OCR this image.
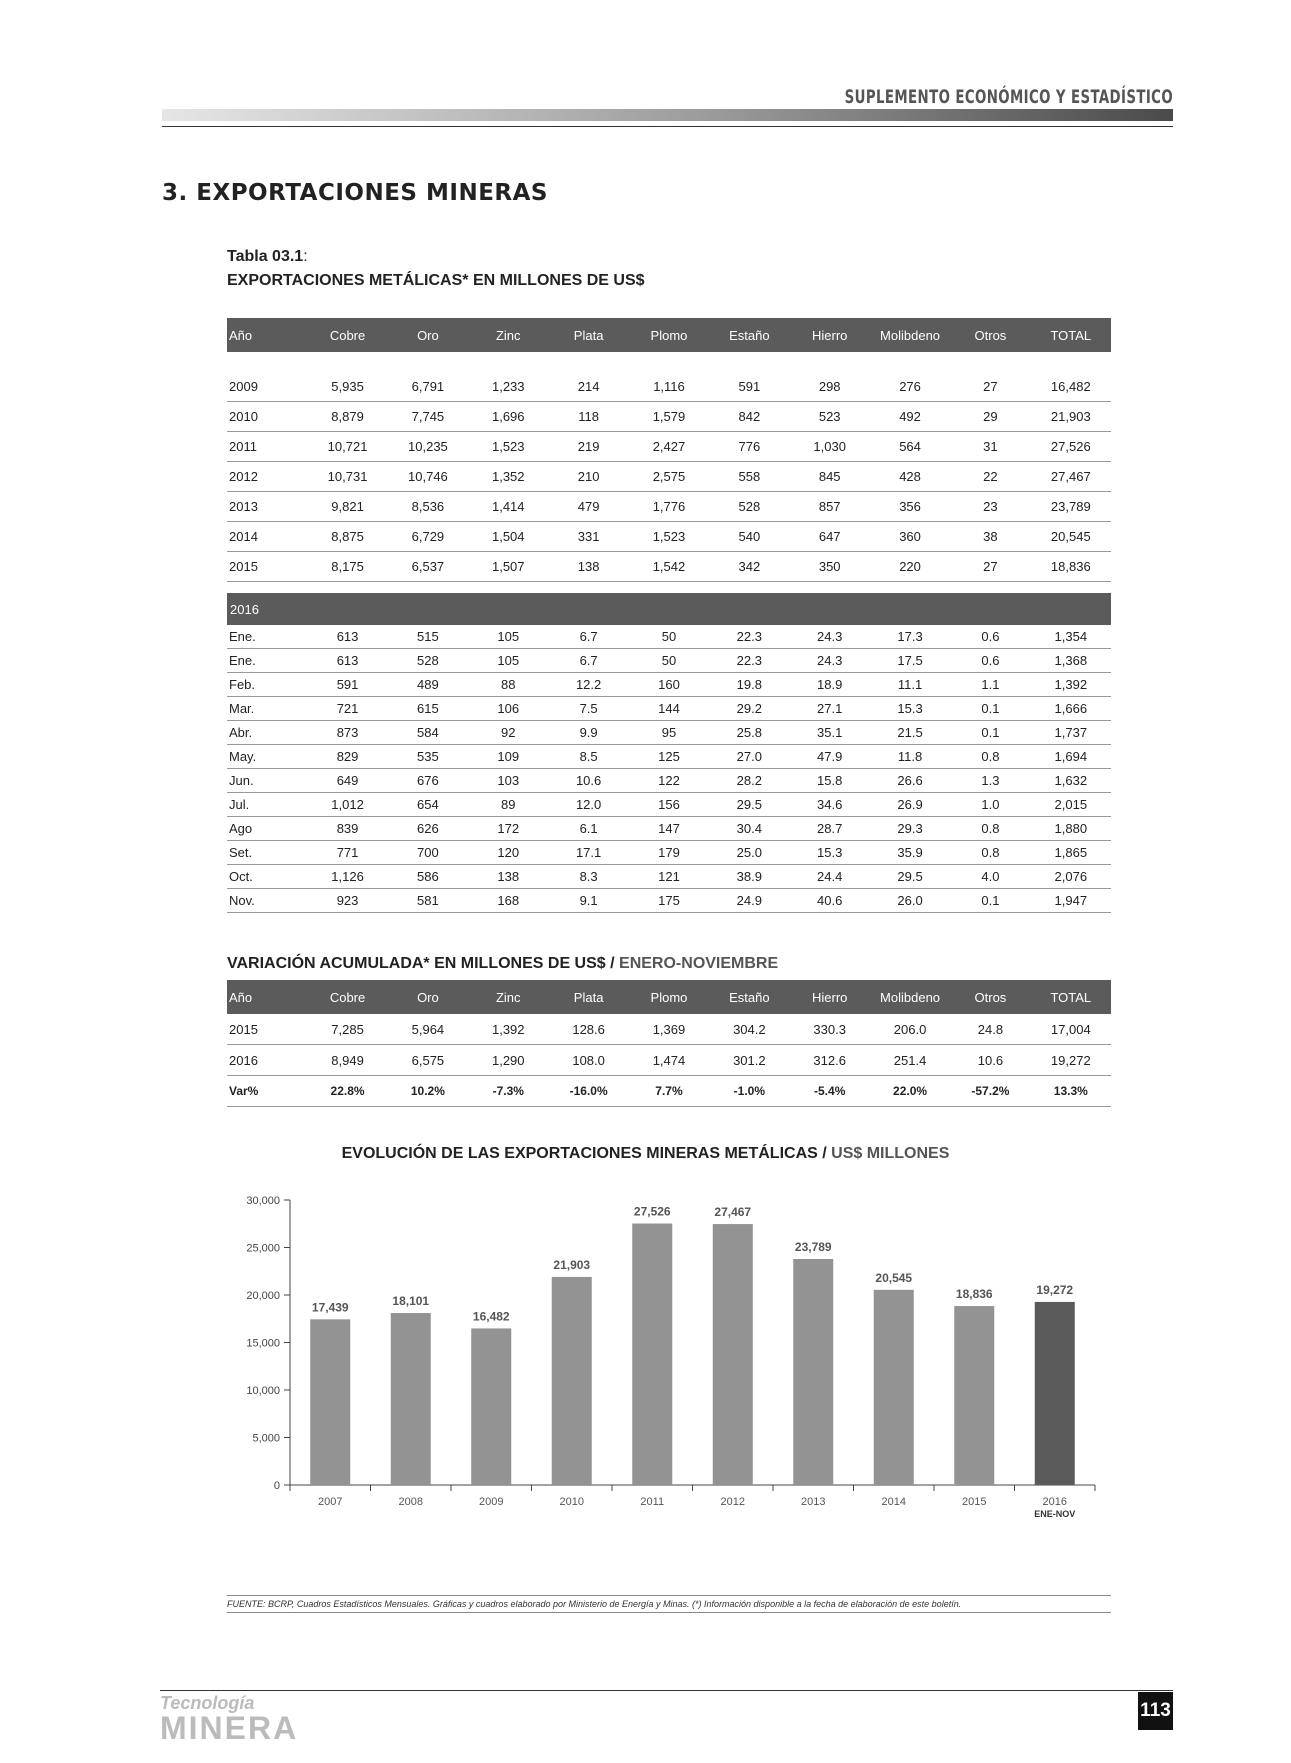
SUPLEMENTO ECONÓMICO Y ESTADÍSTICO
3. EXPORTACIONES MINERAS
Tabla 03.1:
EXPORTACIONES METÁLICAS* EN MILLONES DE US$
Año	Cobre	Oro	Zinc	Plata	Plomo	Estaño	Hierro	Molibdeno	Otros	TOTAL

2009	5,935	6,791	1,233	214	1,116	591	298	276	27	16,482
2010	8,879	7,745	1,696	118	1,579	842	523	492	29	21,903
2011	10,721	10,235	1,523	219	2,427	776	1,030	564	31	27,526
2012	10,731	10,746	1,352	210	2,575	558	845	428	22	27,467
2013	9,821	8,536	1,414	479	1,776	528	857	356	23	23,789
2014	8,875	6,729	1,504	331	1,523	540	647	360	38	20,545
2015	8,175	6,537	1,507	138	1,542	342	350	220	27	18,836
2016										
Ene.	613	515	105	6.7	50	22.3	24.3	17.3	0.6	1,354
Ene.	613	528	105	6.7	50	22.3	24.3	17.5	0.6	1,368
Feb.	591	489	88	12.2	160	19.8	18.9	11.1	1.1	1,392
Mar.	721	615	106	7.5	144	29.2	27.1	15.3	0.1	1,666
Abr.	873	584	92	9.9	95	25.8	35.1	21.5	0.1	1,737
May.	829	535	109	8.5	125	27.0	47.9	11.8	0.8	1,694
Jun.	649	676	103	10.6	122	28.2	15.8	26.6	1.3	1,632
Jul.	1,012	654	89	12.0	156	29.5	34.6	26.9	1.0	2,015
Ago	839	626	172	6.1	147	30.4	28.7	29.3	0.8	1,880
Set.	771	700	120	17.1	179	25.0	15.3	35.9	0.8	1,865
Oct.	1,126	586	138	8.3	121	38.9	24.4	29.5	4.0	2,076
Nov.	923	581	168	9.1	175	24.9	40.6	26.0	0.1	1,947
VARIACIÓN ACUMULADA* EN MILLONES DE US$ / ENERO-NOVIEMBRE
Año	Cobre	Oro	Zinc	Plata	Plomo	Estaño	Hierro	Molibdeno	Otros	TOTAL
2015	7,285	5,964	1,392	128.6	1,369	304.2	330.3	206.0	24.8	17,004
2016	8,949	6,575	1,290	108.0	1,474	301.2	312.6	251.4	10.6	19,272
Var%	22.8%	10.2%	-7.3%	-16.0%	7.7%	-1.0%	-5.4%	22.0%	-57.2%	13.3%
EVOLUCIÓN DE LAS EXPORTACIONES MINERAS METÁLICAS / US$ MILLONES
0
5,000
10,000
15,000
20,000
25,000
30,000
17,439
2007
18,101
2008
16,482
2009
21,903
2010
27,526
2011
27,467
2012
23,789
2013
20,545
2014
18,836
2015
19,272
2016
ENE-NOV
FUENTE: BCRP, Cuadros Estadísticos Mensuales. Gráficas y cuadros elaborado por Ministerio de Energía y Minas. (*) Información disponible a la fecha de elaboración de este boletín.
Tecnología
MINERA	113
